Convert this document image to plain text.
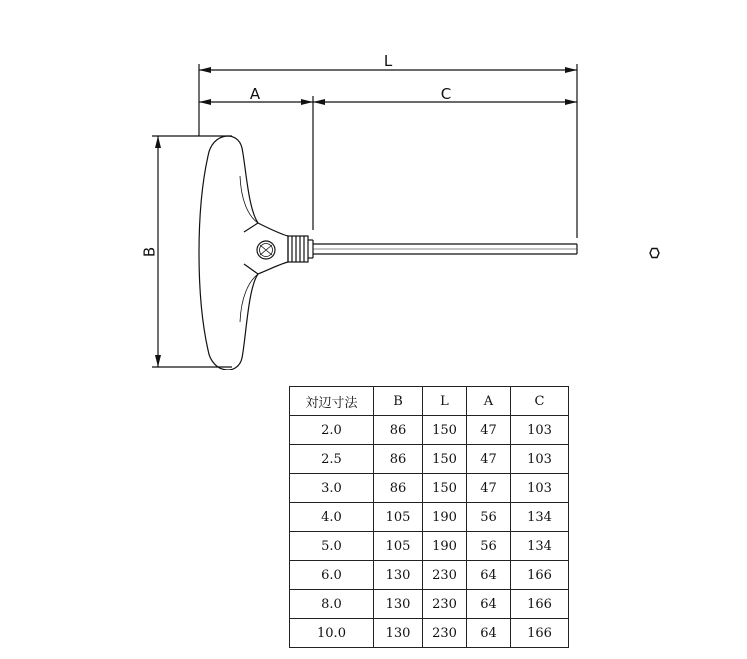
L
A	C
B
対辺寸法	B	L	A	C
2.0	86	150	47	103
2.5	86	150	47	103
3.0	86	150	47	103
4.0	105	190	56	134
5.0	105	190	56	134
6.0	130	230	64	166
8.0	130	230	64	166
10.0	130	230	64	166
